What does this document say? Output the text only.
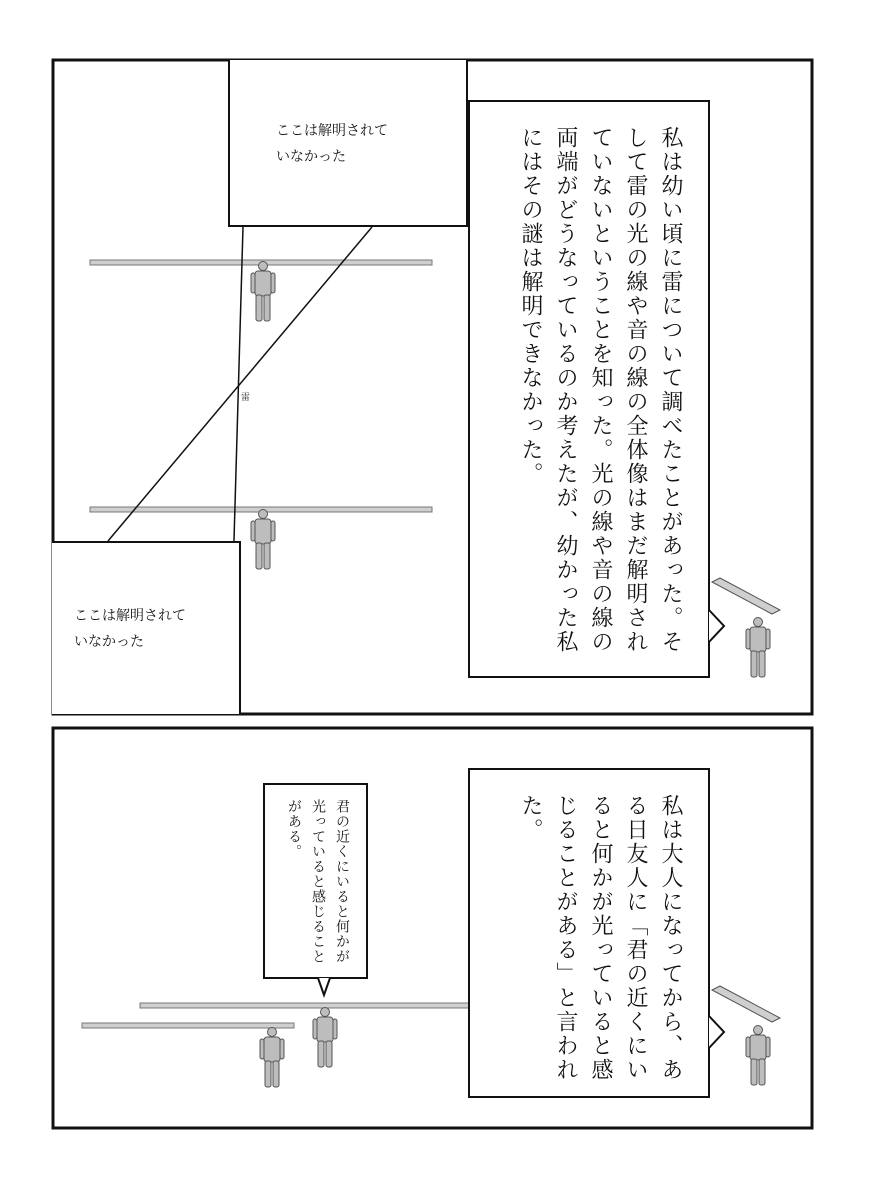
ここは解明されて
いなかった
ここは解明されて
いなかった
雷	私は幼い頃に雷について調べたことがあった。そして雷の光の線や音の線の全体像はまだ解明されていないということを知った。光の線や音の線の両端がどうなっているのか考えたが、幼かった私にはその謎は解明できなかった。
私は大人になってから、ある日友人に「君の近くにいると何かが光っていると感じることがある」と言われた。
君の近くにいると何かが光っていると感じることがある。
